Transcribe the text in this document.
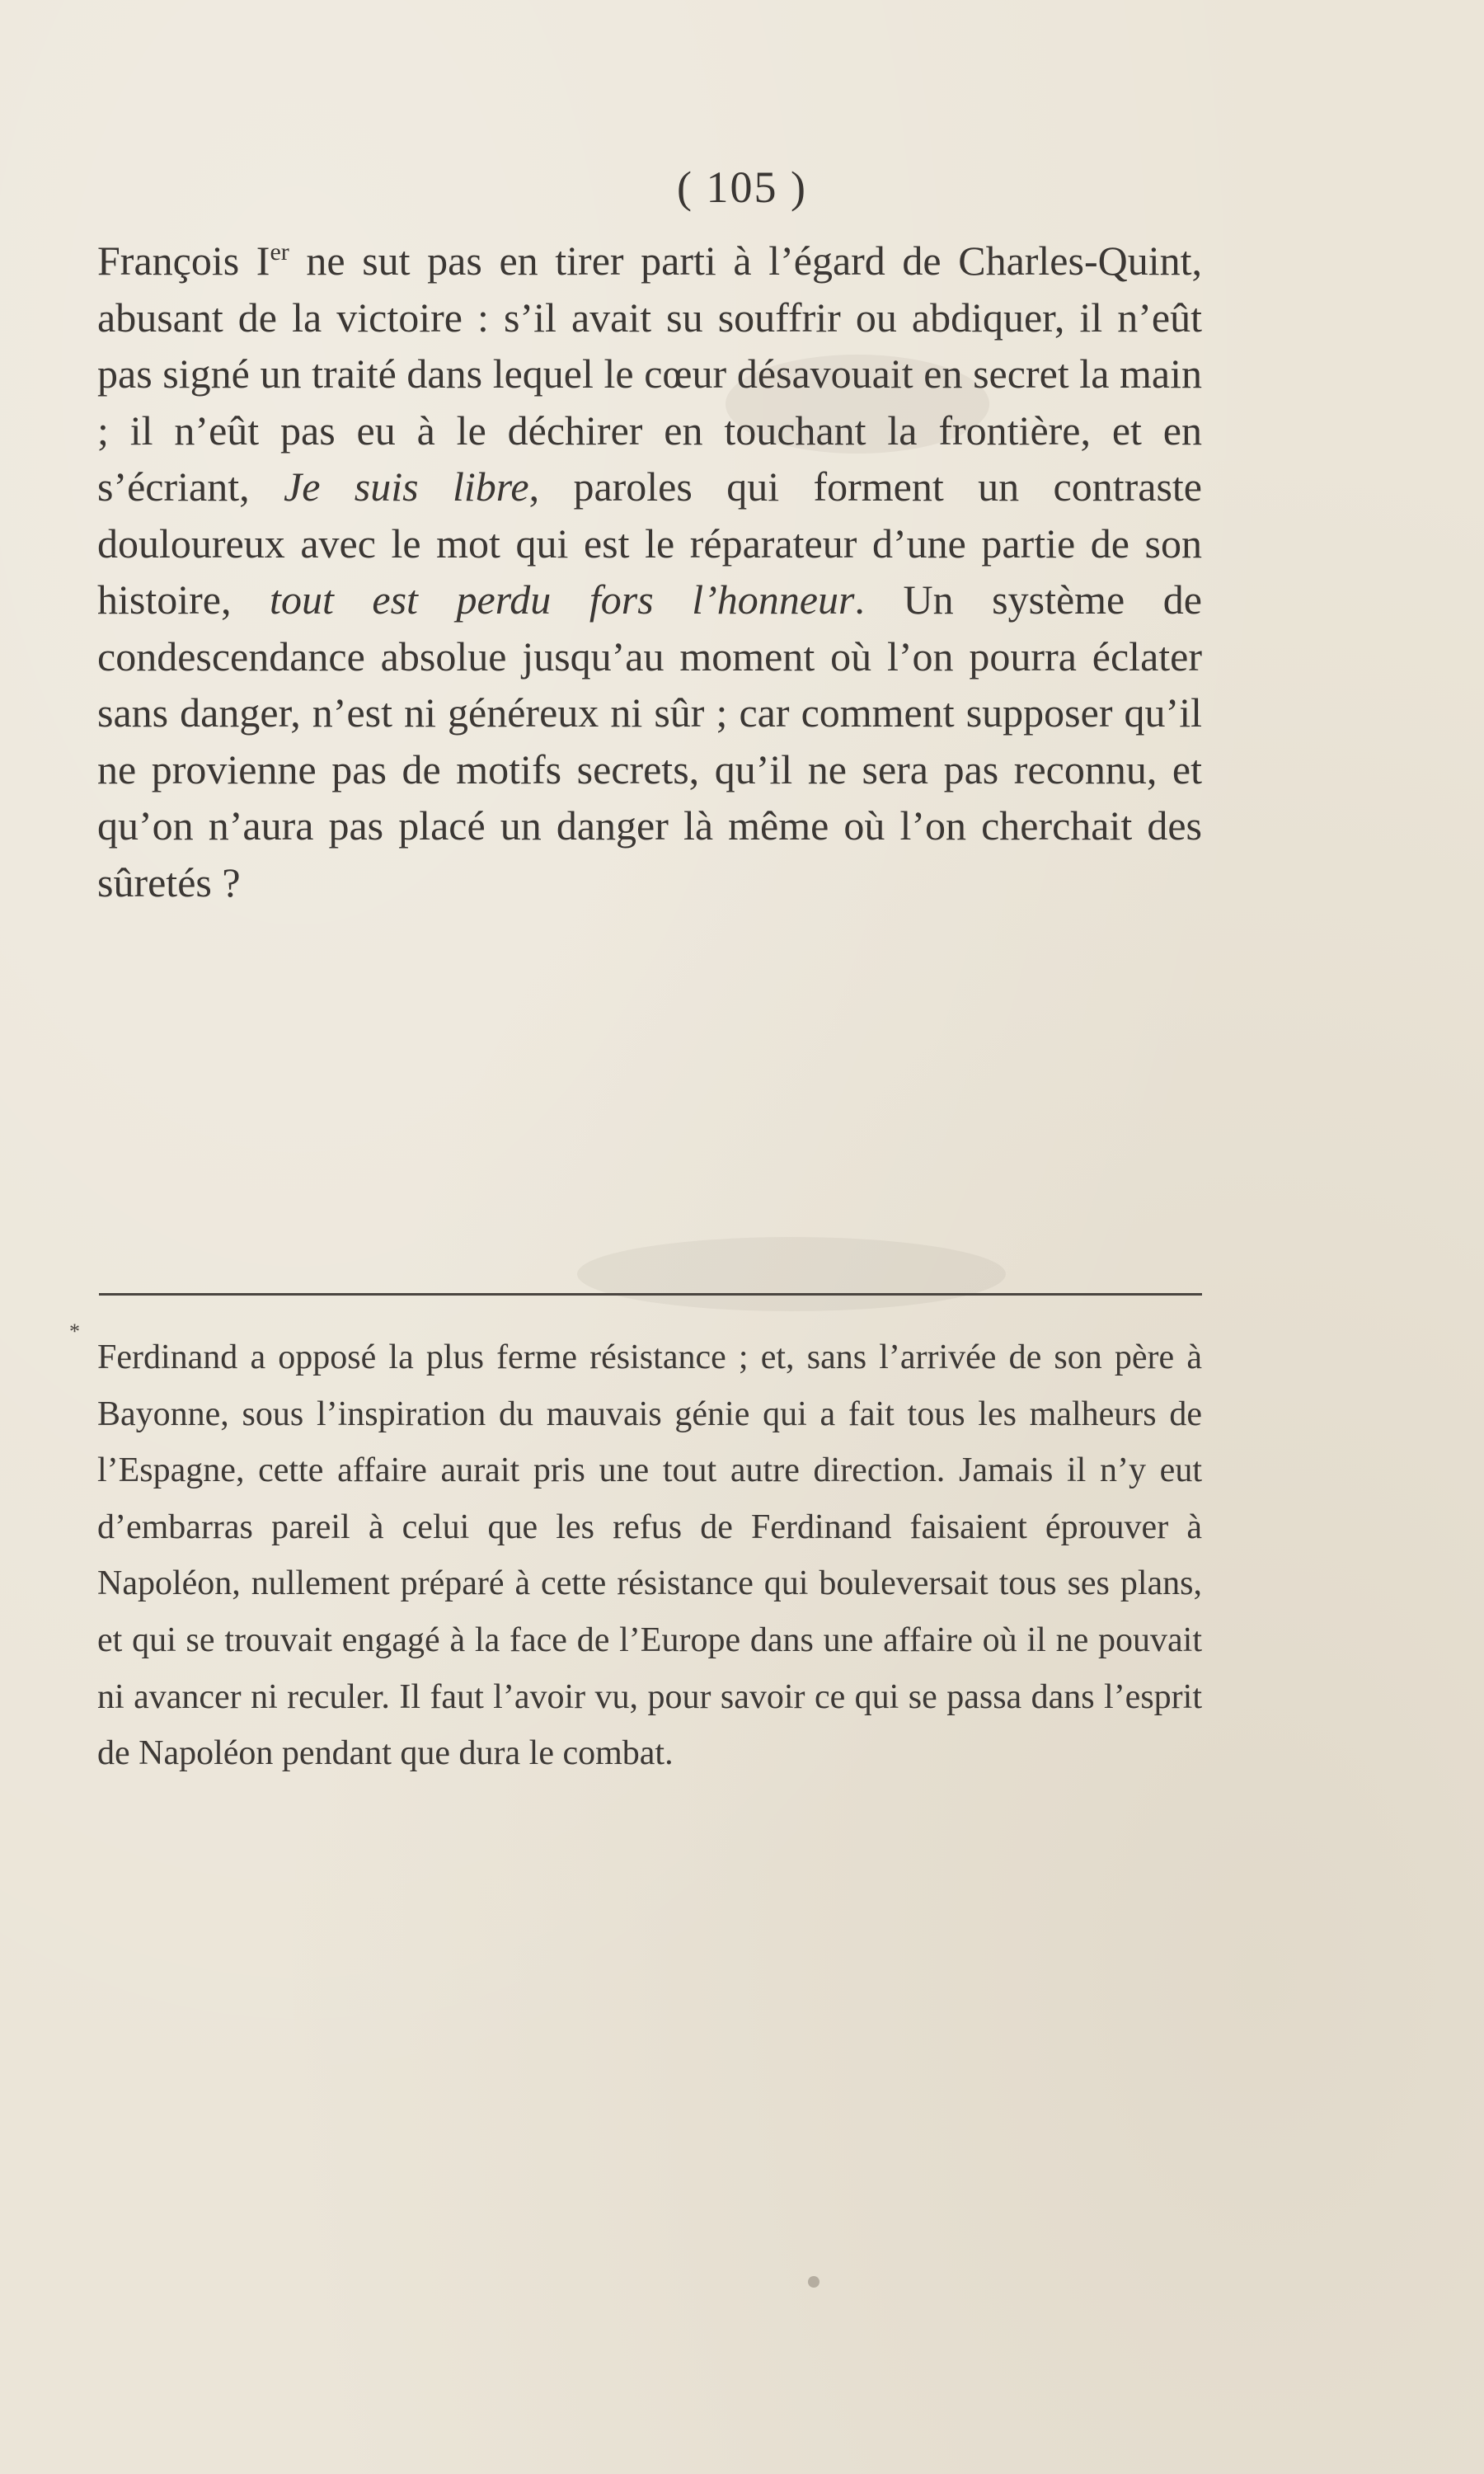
( 105 )
François Ier ne sut pas en tirer parti à l’égard de Charles-Quint, abusant de la victoire : s’il avait su souffrir ou abdiquer, il n’eût pas signé un traité dans lequel le cœur désavouait en secret la main ; il n’eût pas eu à le déchirer en touchant la frontière, et en s’écriant, Je suis libre, paroles qui forment un contraste douloureux avec le mot qui est le réparateur d’une partie de son histoire, tout est perdu fors l’honneur. Un système de condescendance absolue jusqu’au moment où l’on pourra éclater sans danger, n’est ni généreux ni sûr ; car comment supposer qu’il ne provienne pas de motifs secrets, qu’il ne sera pas reconnu, et qu’on n’aura pas placé un danger là même où l’on cherchait des sûretés ?
*
Ferdinand a opposé la plus ferme résistance ; et, sans l’arrivée de son père à Bayonne, sous l’inspiration du mauvais génie qui a fait tous les malheurs de l’Espagne, cette affaire aurait pris une tout autre direction. Jamais il n’y eut d’embarras pareil à celui que les refus de Ferdinand faisaient éprouver à Napoléon, nullement préparé à cette résistance qui bouleversait tous ses plans, et qui se trouvait engagé à la face de l’Europe dans une affaire où il ne pouvait ni avancer ni reculer. Il faut l’avoir vu, pour savoir ce qui se passa dans l’esprit de Napoléon pendant que dura le combat.
